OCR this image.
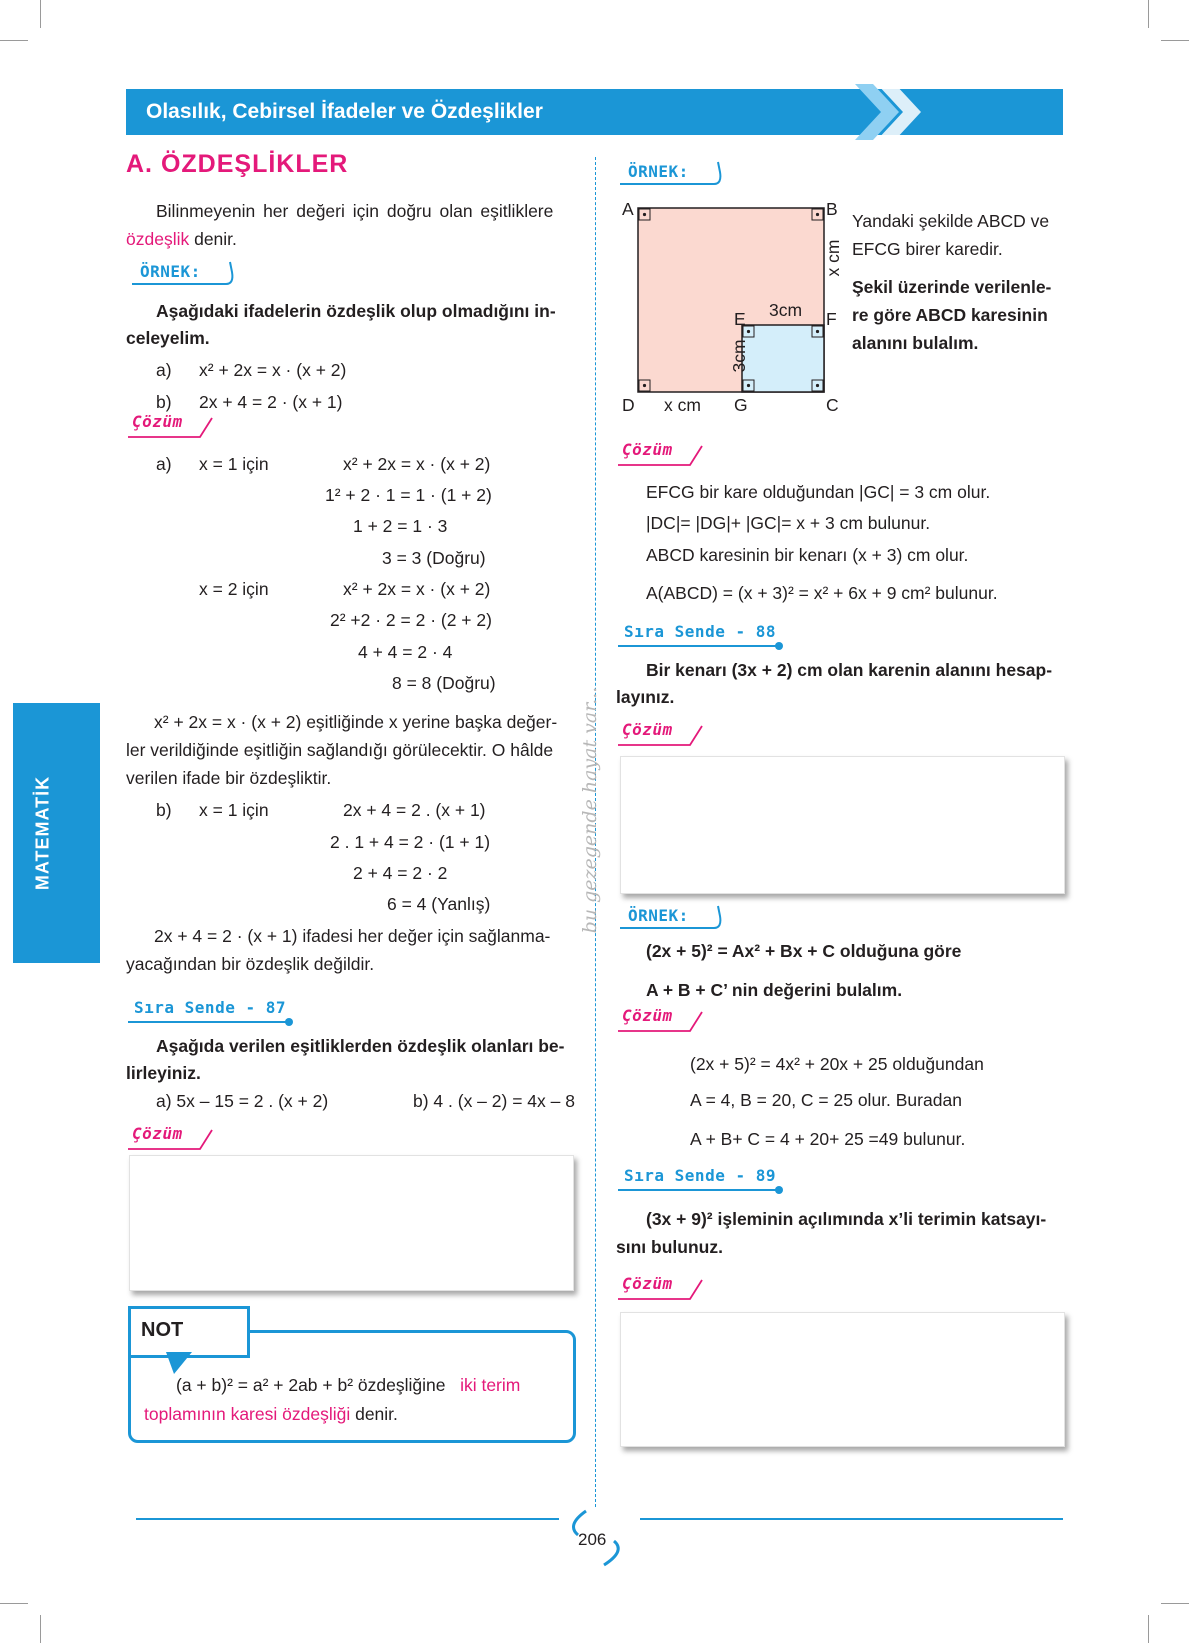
Olasılık, Cebirsel İfadeler ve Özdeşlikler
A. ÖZDEŞLİKLER
MATEMATİK	bu gezegende hayat var...
Bilinmeyenin her değeri için doğru olan eşitliklere
özdeşlik denir.
ÖRNEK:
Aşağıdaki ifadelerin özdeşlik olup olmadığını in-
celeyelim.
a) x² + 2x = x · (x + 2)
b) 2x + 4 = 2 · (x + 1)
Çözüm
a) x = 1 için	x² + 2x = x · (x + 2)
1² + 2 · 1 = 1 · (1 + 2)
1 + 2 = 1 · 3
3 = 3 (Doğru)
x = 2 için	x² + 2x = x · (x + 2)
2² +2 · 2 = 2 · (2 + 2)
4 + 4 = 2 · 4
8 = 8 (Doğru)
x² + 2x = x · (x + 2) eşitliğinde x yerine başka değer-
ler verildiğinde eşitliğin sağlandığı görülecektir. O hâlde
verilen ifade bir özdeşliktir.
b) x = 1 için	2x + 4 = 2 . (x + 1)
2 . 1 + 4 = 2 · (1 + 1)
2 + 4 = 2 · 2
6 = 4 (Yanlış)
2x + 4 = 2 · (x + 1) ifadesi her değer için sağlanma-
yacağından bir özdeşlik değildir.
Sıra Sende - 87
Aşağıda verilen eşitliklerden özdeşlik olanları be-
lirleyiniz.
a) 5x – 15 = 2 . (x + 2)	b) 4 . (x – 2) = 4x – 8
Çözüm
NOT
(a + b)² = a² + 2ab + b² özdeşliğine iki terim
toplamının karesi özdeşliği denir.
ÖRNEK:
A	B
C
D
E	F
G
x cm
3cm
x cm
3cm
Yandaki şekilde ABCD ve
EFCG birer karedir.
Şekil üzerinde verilenle-
re göre ABCD karesinin
alanını bulalım.
Çözüm
EFCG bir kare olduğundan |GC| = 3 cm olur.
|DC|= |DG|+ |GC|= x + 3 cm bulunur.
ABCD karesinin bir kenarı (x + 3) cm olur.
A(ABCD) = (x + 3)² = x² + 6x + 9 cm² bulunur.
Sıra Sende - 88
Bir kenarı (3x + 2) cm olan karenin alanını hesap-
layınız.
Çözüm
ÖRNEK:
(2x + 5)² = Ax² + Bx + C olduğuna göre
A + B + C’ nin değerini bulalım.
Çözüm
(2x + 5)² = 4x² + 20x + 25 olduğundan
A = 4, B = 20, C = 25 olur. Buradan
A + B+ C = 4 + 20+ 25 =49 bulunur.
Sıra Sende - 89
(3x + 9)² işleminin açılımında x’li terimin katsayı-
sını bulunuz.
Çözüm
206
